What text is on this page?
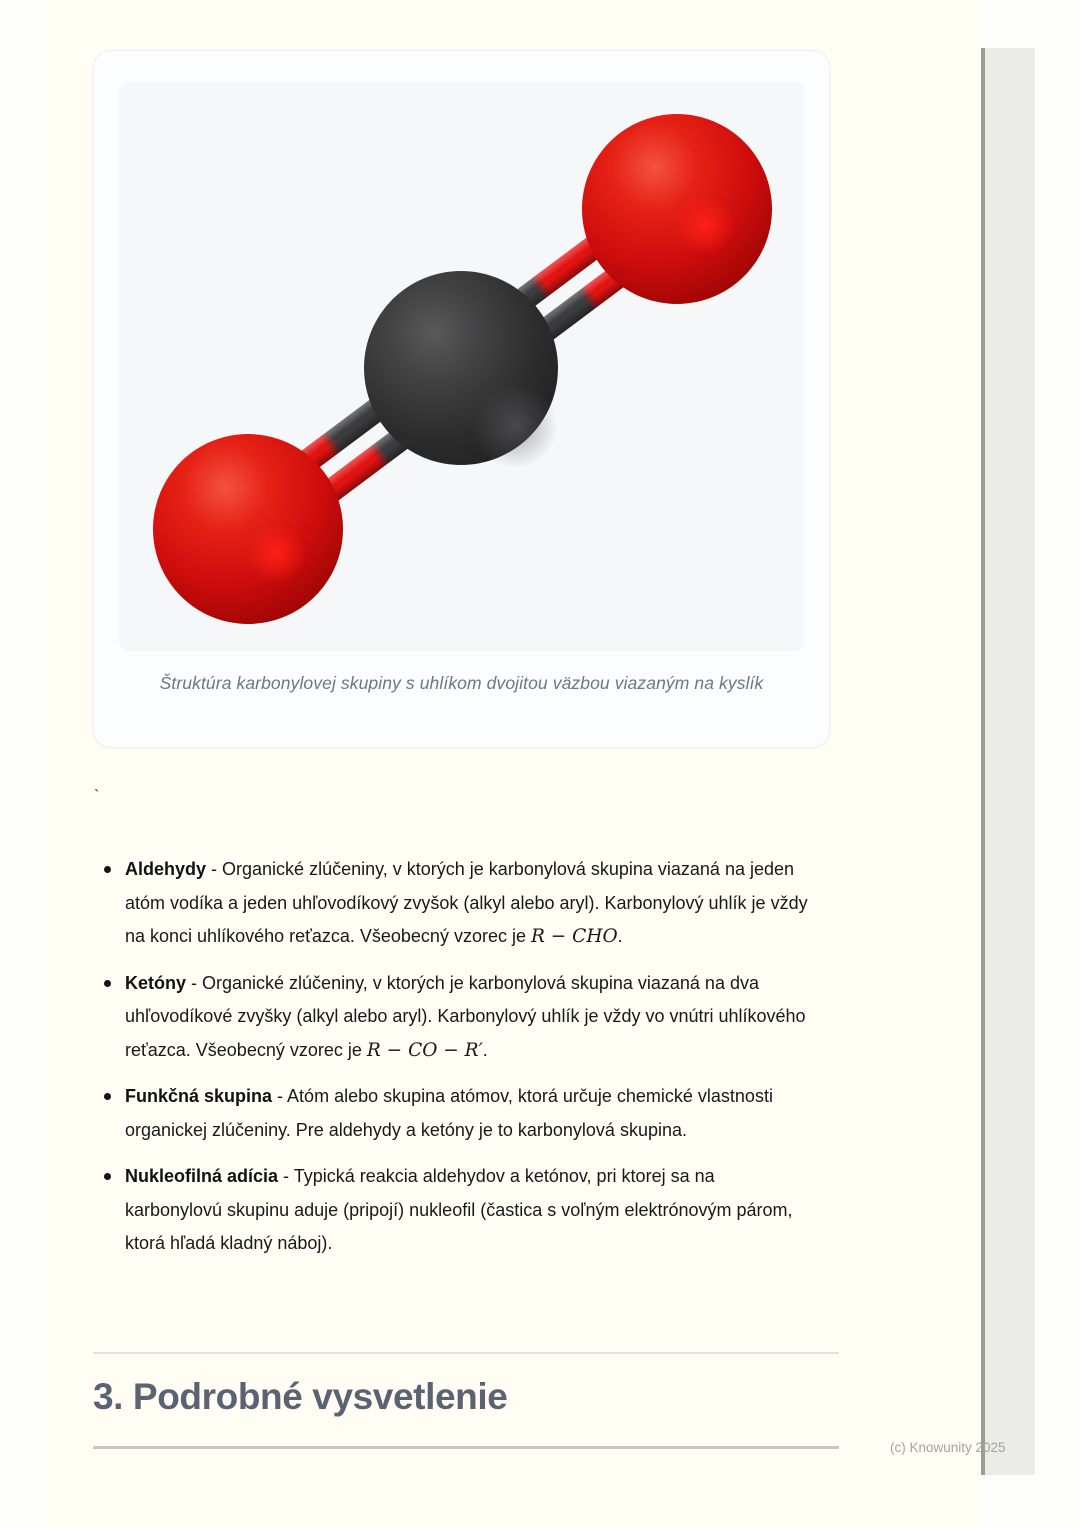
Štruktúra karbonylovej skupiny s uhlíkom dvojitou väzbou viazaným na kyslík
`

Aldehydy - Organické zlúčeniny, v ktorých je karbonylová skupina viazaná na jeden atóm vodíka a jeden uhľovodíkový zvyšok (alkyl alebo aryl). Karbonylový uhlík je vždy na konci uhlíkového reťazca. Všeobecný vzorec je R − CHO.

Ketóny - Organické zlúčeniny, v ktorých je karbonylová skupina viazaná na dva uhľovodíkové zvyšky (alkyl alebo aryl). Karbonylový uhlík je vždy vo vnútri uhlíkového reťazca. Všeobecný vzorec je R − CO − R′.

Funkčná skupina - Atóm alebo skupina atómov, ktorá určuje chemické vlastnosti organickej zlúčeniny. Pre aldehydy a ketóny je to karbonylová skupina.

Nukleofilná adícia - Typická reakcia aldehydov a ketónov, pri ktorej sa na karbonylovú skupinu aduje (pripojí) nukleofil (častica s voľným elektrónovým párom, ktorá hľadá kladný náboj).

3. Podrobné vysvetlenie
(c) Knowunity 2025
